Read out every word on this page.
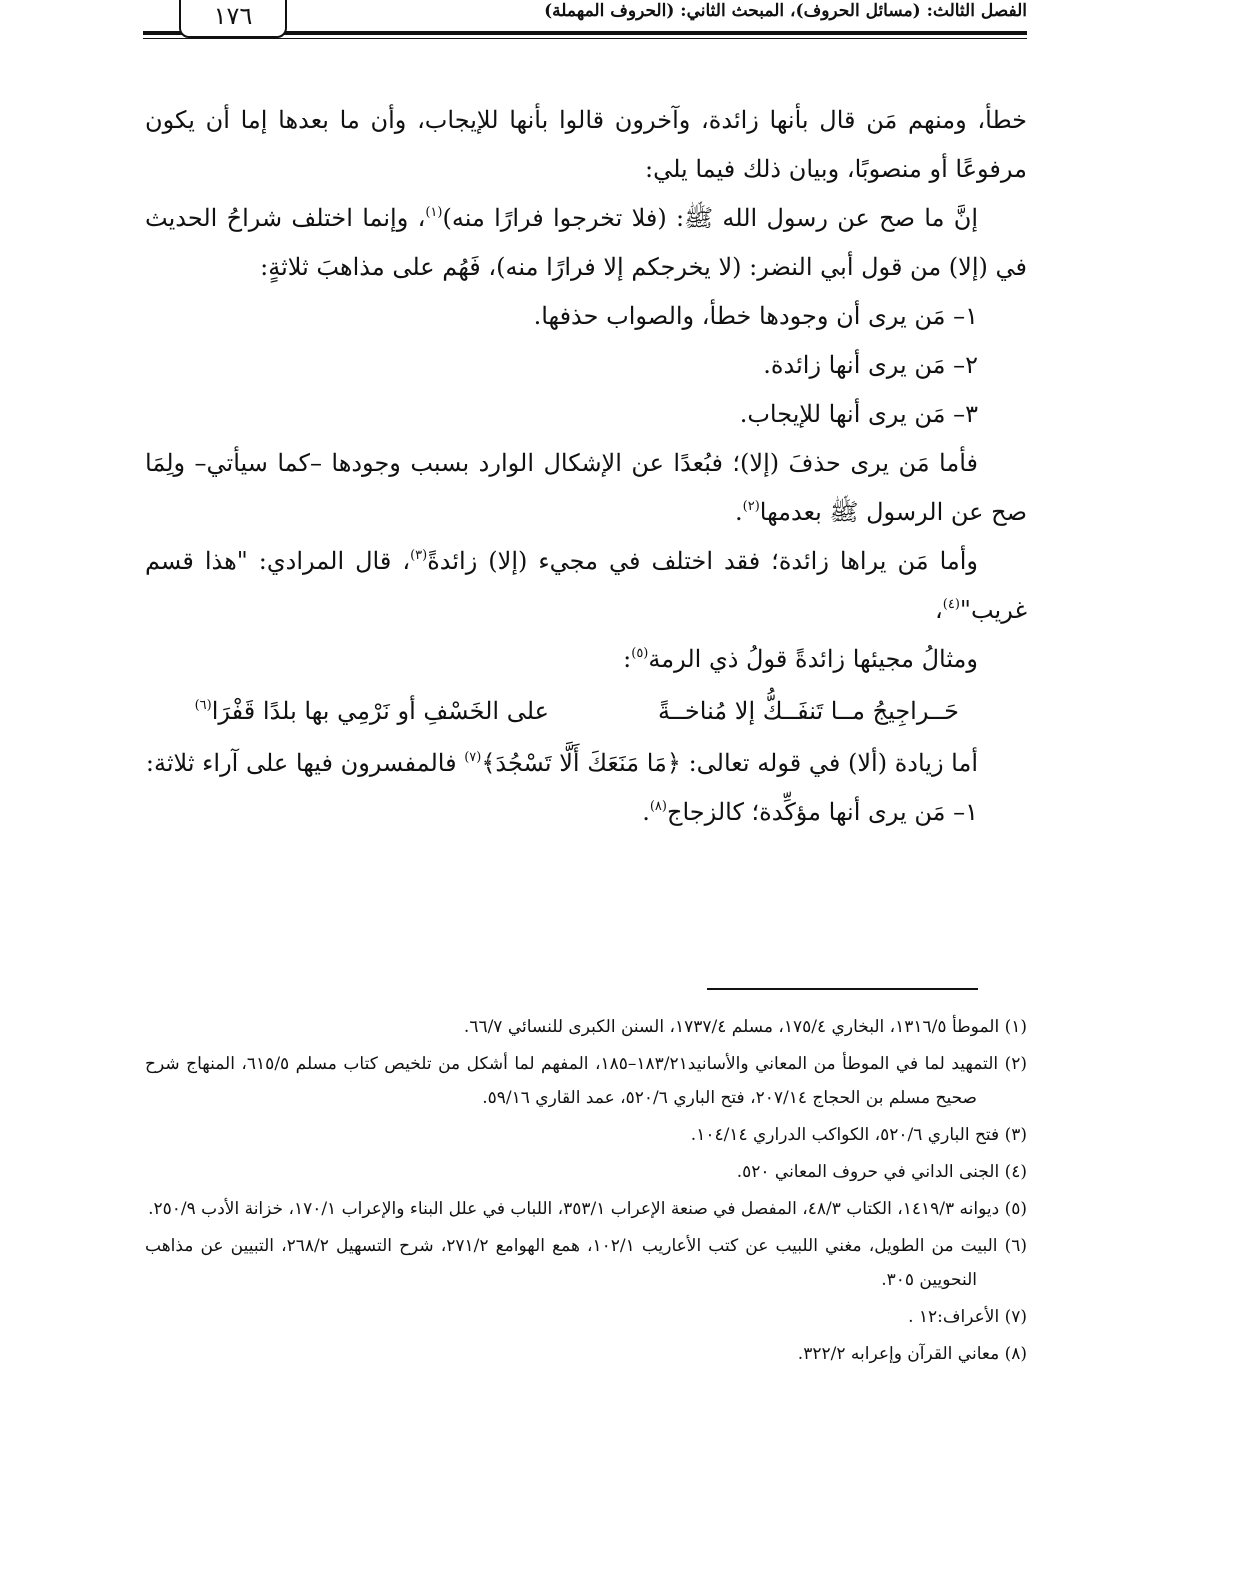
الفصل الثالث: (مسائل الحروف)، المبحث الثاني: (الحروف المهملة)
١٧٦

خطأ، ومنهم مَن قال بأنها زائدة، وآخرون قالوا بأنها للإيجاب، وأن ما بعدها إما أن يكون مرفوعًا أو منصوبًا، وبيان ذلك فيما يلي:

إنَّ ما صح عن رسول الله ﷺ: (فلا تخرجوا فرارًا منه)$^{(١)}$، وإنما اختلف شراحُ الحديث في (إلا) من قول أبي النضر: (لا يخرجكم إلا فرارًا منه)، فَهُم على مذاهبَ ثلاثةٍ:

١– مَن يرى أن وجودها خطأ، والصواب حذفها.

٢– مَن يرى أنها زائدة.

٣– مَن يرى أنها للإيجاب.

فأما مَن يرى حذفَ (إلا)؛ فبُعدًا عن الإشكال الوارد بسبب وجودها –كما سيأتي– ولِمَا صح عن الرسول ﷺ بعدمها$^{(٢)}$.

وأما مَن يراها زائدة؛ فقد اختلف في مجيء (إلا) زائدةً$^{(٣)}$، قال المرادي: "هذا قسم غريب"$^{(٤)}$،

ومثالُ مجيئها زائدةً قولُ ذي الرمة$^{(٥)}$:

حَــراجِيجُ مــا تَنفَــكُّ إلا مُناخــةً
على الخَسْفِ أو نَرْمِي بها بلدًا قَفْرَا$^{(٦)}$

أما زيادة (ألا) في قوله تعالى: ﴿مَا مَنَعَكَ أَلَّا تَسْجُدَ﴾$^{(٧)}$ فالمفسرون فيها على آراء ثلاثة:

١– مَن يرى أنها مؤكِّدة؛ كالزجاج$^{(٨)}$.

(١) الموطأ ١٣١٦/٥، البخاري ١٧٥/٤، مسلم ١٧٣٧/٤، السنن الكبرى للنسائي ٦٦/٧.

(٢) التمهيد لما في الموطأ من المعاني والأسانيد١٨٣/٢١–١٨٥، المفهم لما أشكل من تلخيص كتاب مسلم ٦١٥/٥، المنهاج شرح صحيح مسلم بن الحجاج ٢٠٧/١٤، فتح الباري ٥٢٠/٦، عمد القاري ٥٩/١٦.

(٣) فتح الباري ٥٢٠/٦، الكواكب الدراري ١٠٤/١٤.

(٤) الجنى الداني في حروف المعاني ٥٢٠.

(٥) ديوانه ١٤١٩/٣، الكتاب ٤٨/٣، المفصل في صنعة الإعراب ٣٥٣/١، اللباب في علل البناء والإعراب ١٧٠/١، خزانة الأدب ٢٥٠/٩.

(٦) البيت من الطويل، مغني اللبيب عن كتب الأعاريب ١٠٢/١، همع الهوامع ٢٧١/٢، شرح التسهيل ٢٦٨/٢، التبيين عن مذاهب النحويين ٣٠٥.

(٧) الأعراف:١٢ .

(٨) معاني القرآن وإعرابه ٣٢٢/٢.
